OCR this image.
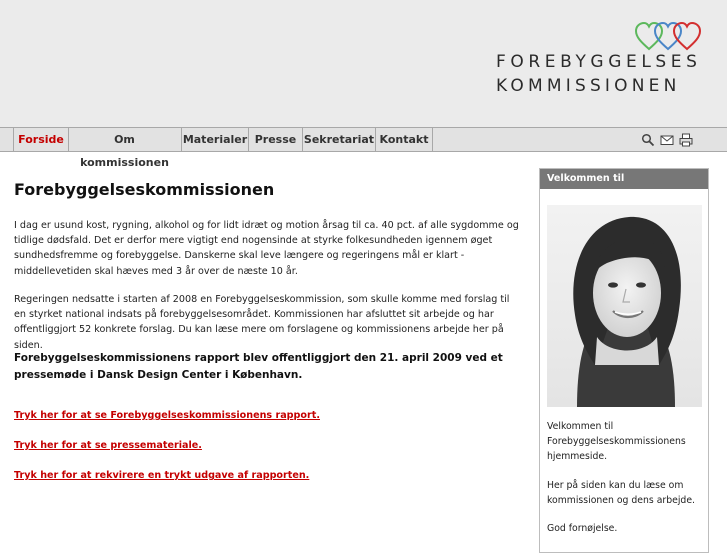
FOREBYGGELSES
KOMMISSIONEN
Forside	Om kommissionen
Materialer Presse Sekretariat Kontakt
Forebyggelseskommissionen

I dag er usund kost, rygning, alkohol og for lidt idræt og motion årsag til ca. 40 pct. af alle sygdomme og tidlige dødsfald. Det er derfor mere vigtigt end nogensinde at styrke folkesundheden igennem øget sundhedsfremme og forebyggelse. Danskerne skal leve længere og regeringens mål er klart - middellevetiden skal hæves med 3 år over de næste 10 år.

Regeringen nedsatte i starten af 2008 en Forebyggelseskommission, som skulle komme med forslag til en styrket national indsats på forebyggelsesområdet. Kommissionen har afsluttet sit arbejde og har offentliggjort 52 konkrete forslag. Du kan læse mere om forslagene og kommissionens arbejde her på siden.

Forebyggelseskommissionens rapport blev offentliggjort den 21. april 2009 ved et pressemøde i Dansk Design Center i København.

Tryk her for at se Forebyggelseskommissionens rapport.
Tryk her for at se pressemateriale.
Tryk her for at rekvirere en trykt udgave af rapporten.
Velkommen til

Velkommen til Forebyggelseskommissionens hjemmeside.

Her på siden kan du læse om kommissionen og dens arbejde.

God fornøjelse.
